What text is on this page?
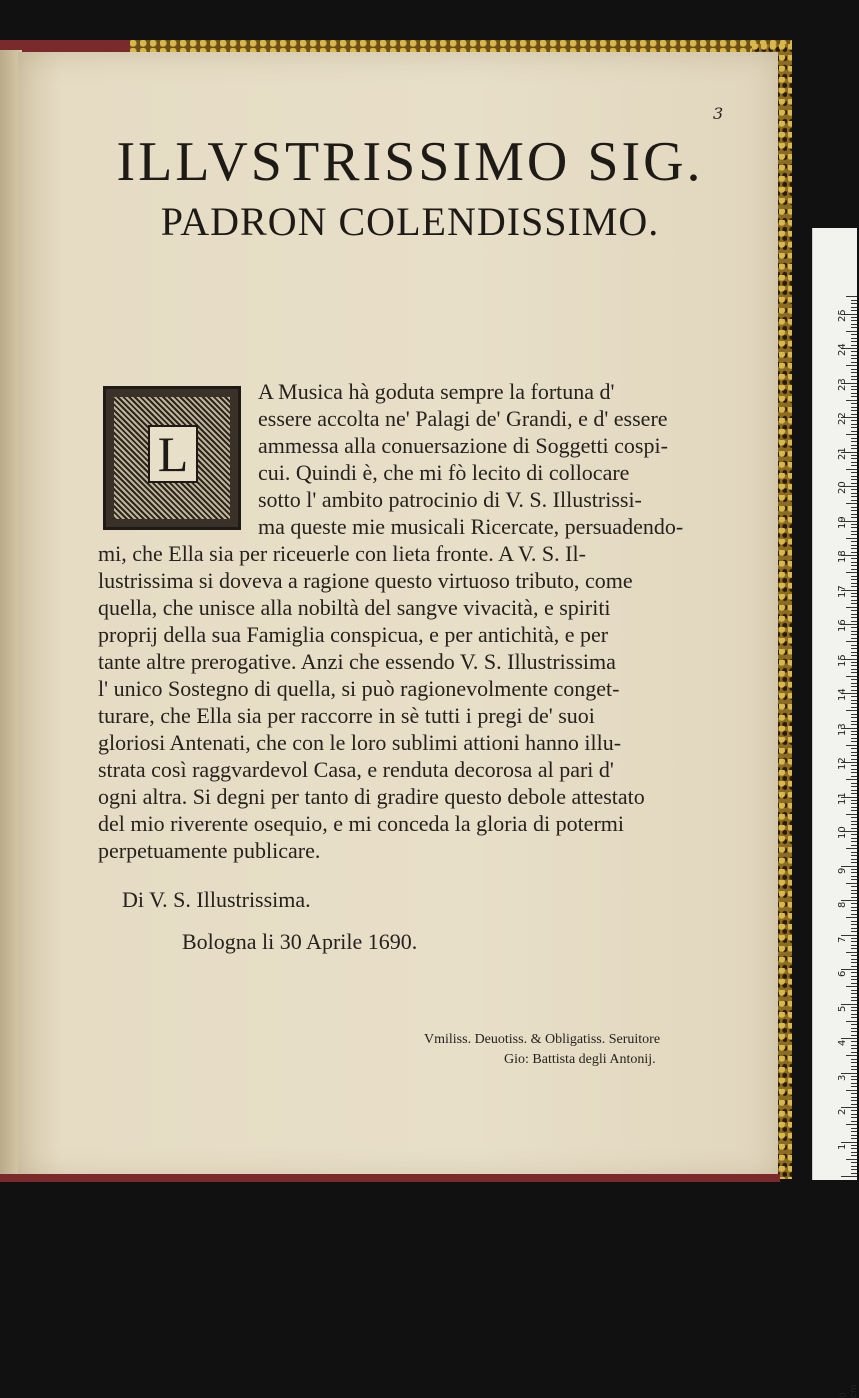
3
ILLVSTRISSIMO SIG.
PADRON COLENDISSIMO.
L
A Musica hà goduta sempre la fortuna d'
essere accolta ne' Palagi de' Grandi, e d' essere
ammessa alla conuersazione di Soggetti cospi-
cui. Quindi è, che mi fò lecito di collocare
sotto l' ambito patrocinio di V. S. Illustrissi-
ma queste mie musicali Ricercate, persuadendo-
mi, che Ella sia per riceuerle con lieta fronte. A V. S. Il-
lustrissima si doveva a ragione questo virtuoso tributo, come
quella, che unisce alla nobiltà del sangve vivacità, e spiriti
proprij della sua Famiglia conspicua, e per antichità, e per
tante altre prerogative. Anzi che essendo V. S. Illustrissima
l' unico Sostegno di quella, si può ragionevolmente conget-
turare, che Ella sia per raccorre in sè tutti i pregi de' suoi
gloriosi Antenati, che con le loro sublimi attioni hanno illu-
strata così raggvardevol Casa, e renduta decorosa al pari d'
ogni altra. Si degni per tanto di gradire questo debole attestato
del mio riverente osequio, e mi conceda la gloria di potermi
perpetuamente publicare.
Di V. S. Illustrissima.
Bologna li 30 Aprile 1690.
Vmiliss. Deuotiss. & Obligatiss. Seruitore
Gio: Battista degli Antonij.
0 cm
1
2
3
4
5
6
7
8
9
10
11
12
13
14
15
16
17
18
19
20
21
22
23
24
25
